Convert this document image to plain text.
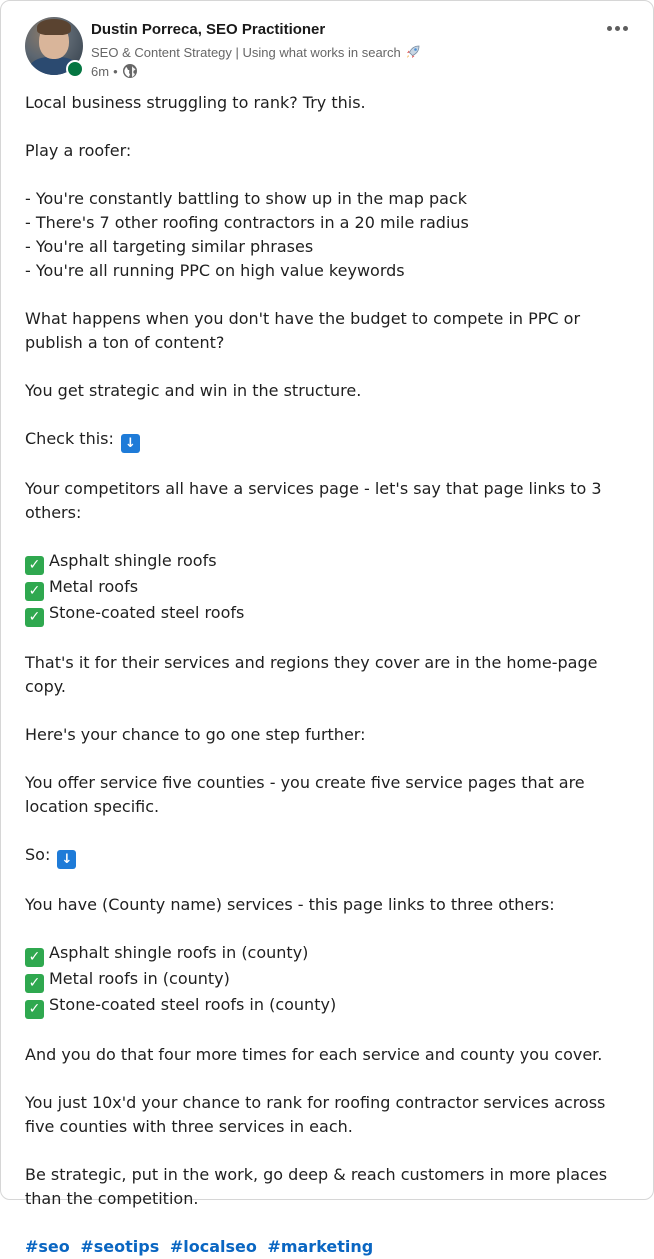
Dustin Porreca, SEO Practitioner
SEO & Content Strategy | Using what works in search
6m •
Local business struggling to rank? Try this.
Play a roofer:
- You're constantly battling to show up in the map pack
- There's 7 other roofing contractors in a 20 mile radius
- You're all targeting similar phrases
- You're all running PPC on high value keywords
What happens when you don't have the budget to compete in PPC or publish a ton of content?
You get strategic and win in the structure.
Check this: ↓
Your competitors all have a services page - let's say that page links to 3 others:
✓ Asphalt shingle roofs
✓ Metal roofs
✓ Stone-coated steel roofs
That's it for their services and regions they cover are in the home-page copy.
Here's your chance to go one step further:
You offer service five counties - you create five service pages that are location specific.
So: ↓
You have (County name) services - this page links to three others:
✓ Asphalt shingle roofs in (county)
✓ Metal roofs in (county)
✓ Stone-coated steel roofs in (county)
And you do that four more times for each service and county you cover.
You just 10x'd your chance to rank for roofing contractor services across five counties with three services in each.
Be strategic, put in the work, go deep & reach customers in more places than the competition.
#seo #seotips #localseo #marketing
